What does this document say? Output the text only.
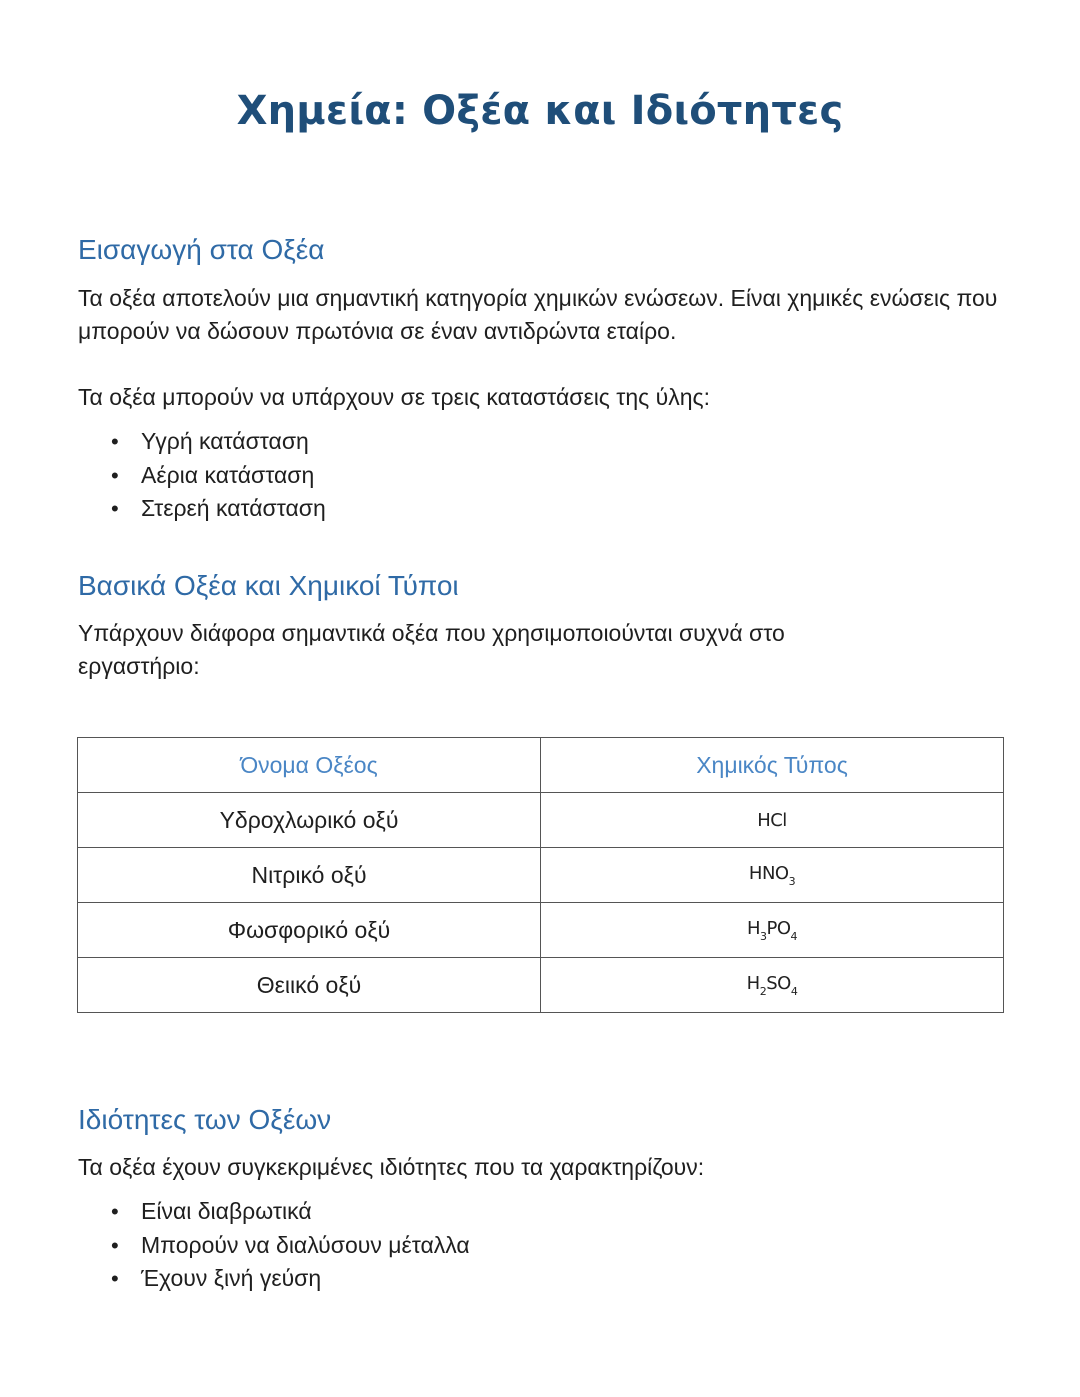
Χημεία: Οξέα και Ιδιότητες
Εισαγωγή στα Οξέα

Τα οξέα αποτελούν μια σημαντική κατηγορία χημικών ενώσεων. Είναι χημικές ενώσεις που μπορούν να δώσουν πρωτόνια σε έναν αντιδρώντα εταίρο.

Τα οξέα μπορούν να υπάρχουν σε τρεις καταστάσεις της ύλης:

• Υγρή κατάσταση
• Αέρια κατάσταση
• Στερεή κατάσταση
Βασικά Οξέα και Χημικοί Τύποι

Υπάρχουν διάφορα σημαντικά οξέα που χρησιμοποιούνται συχνά στο εργαστήριο:

Όνομα Οξέος	Χημικός Τύπος
Υδροχλωρικό οξύ	HCl
Νιτρικό οξύ	$HNO_3$
Φωσφορικό οξύ	$H_3PO_4$
Θειικό οξύ	$H_2SO_4$
Ιδιότητες των Οξέων

Τα οξέα έχουν συγκεκριμένες ιδιότητες που τα χαρακτηρίζουν:

• Είναι διαβρωτικά
• Μπορούν να διαλύσουν μέταλλα
• Έχουν ξινή γεύση
